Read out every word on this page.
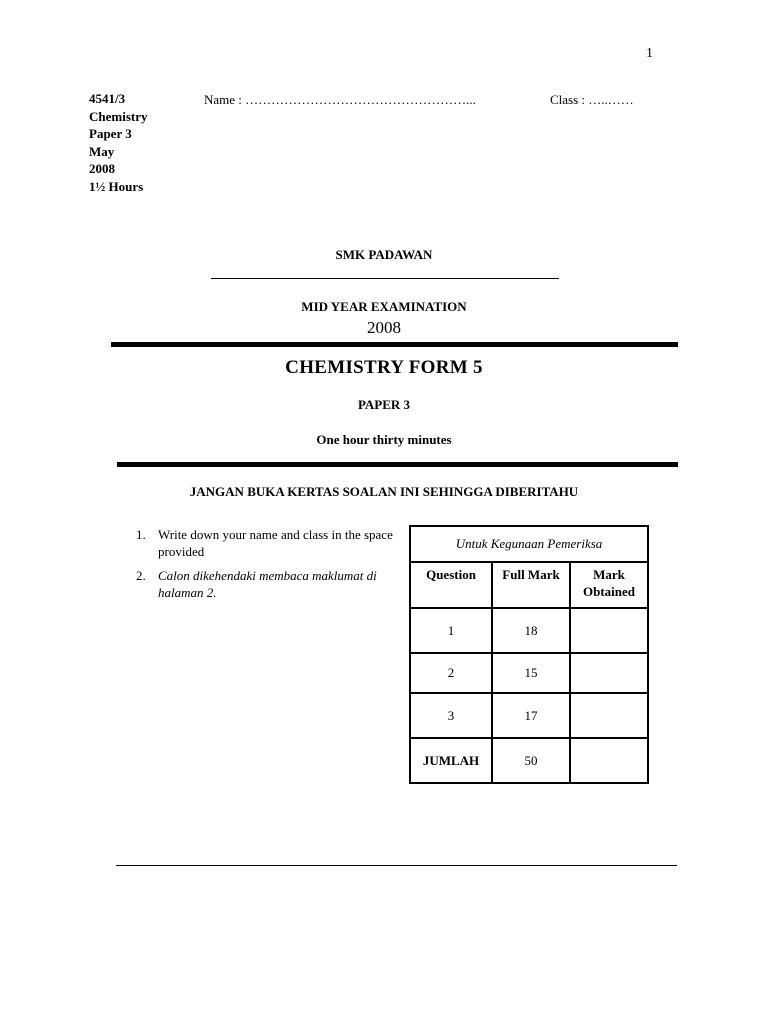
1
4541/3
Chemistry
Paper 3
May
2008
1½ Hours
Name : ……………………………………………...	Class : …..……
SMK PADAWAN
MID YEAR EXAMINATION
2008
CHEMISTRY FORM 5
PAPER 3
One hour thirty minutes
JANGAN BUKA KERTAS SOALAN INI SEHINGGA DIBERITAHU
1. Write down your name and class in the space provided
2. Calon dikehendaki membaca maklumat di halaman 2.
Untuk Kegunaan Pemeriksa		
Question	Full Mark	Mark Obtained
1	18	
2	15	
3	17	
JUMLAH	50	
